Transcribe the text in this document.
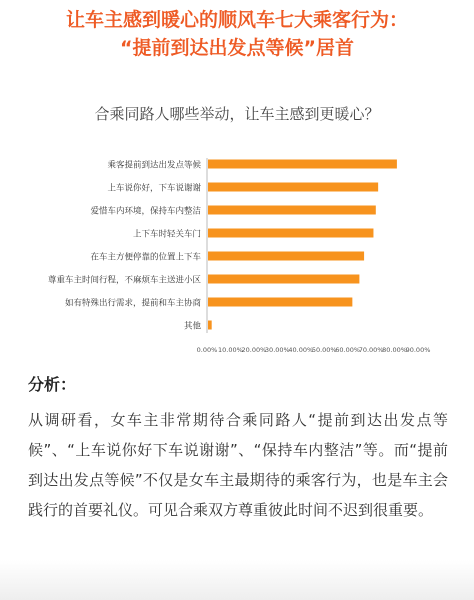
让车主感到暖心的顺风车七大乘客行为：
“提前到达出发点等候”居首
合乘同路人哪些举动，让车主感到更暖心？
乘客提前到达出发点等候
上车说你好，下车说谢谢
爱惜车内环境，保持车内整洁
上下车时轻关车门
在车主方便停靠的位置上下车
尊重车主时间行程，不麻烦车主送进小区
如有特殊出行需求，提前和车主协商
其他
0.00% 10.00%
20.00%
30.00%
40.00%
50.00%
60.00%
70.00%
80.00%
90.00%
分析：
从调研看，女车主非常期待合乘同路人“提前到达出发点等候”、“上车说你好下车说谢谢”、“保持车内整洁”等。而“提前到达出发点等候”不仅是女车主最期待的乘客行为，也是车主会践行的首要礼仪。可见合乘双方尊重彼此时间不迟到很重要。
